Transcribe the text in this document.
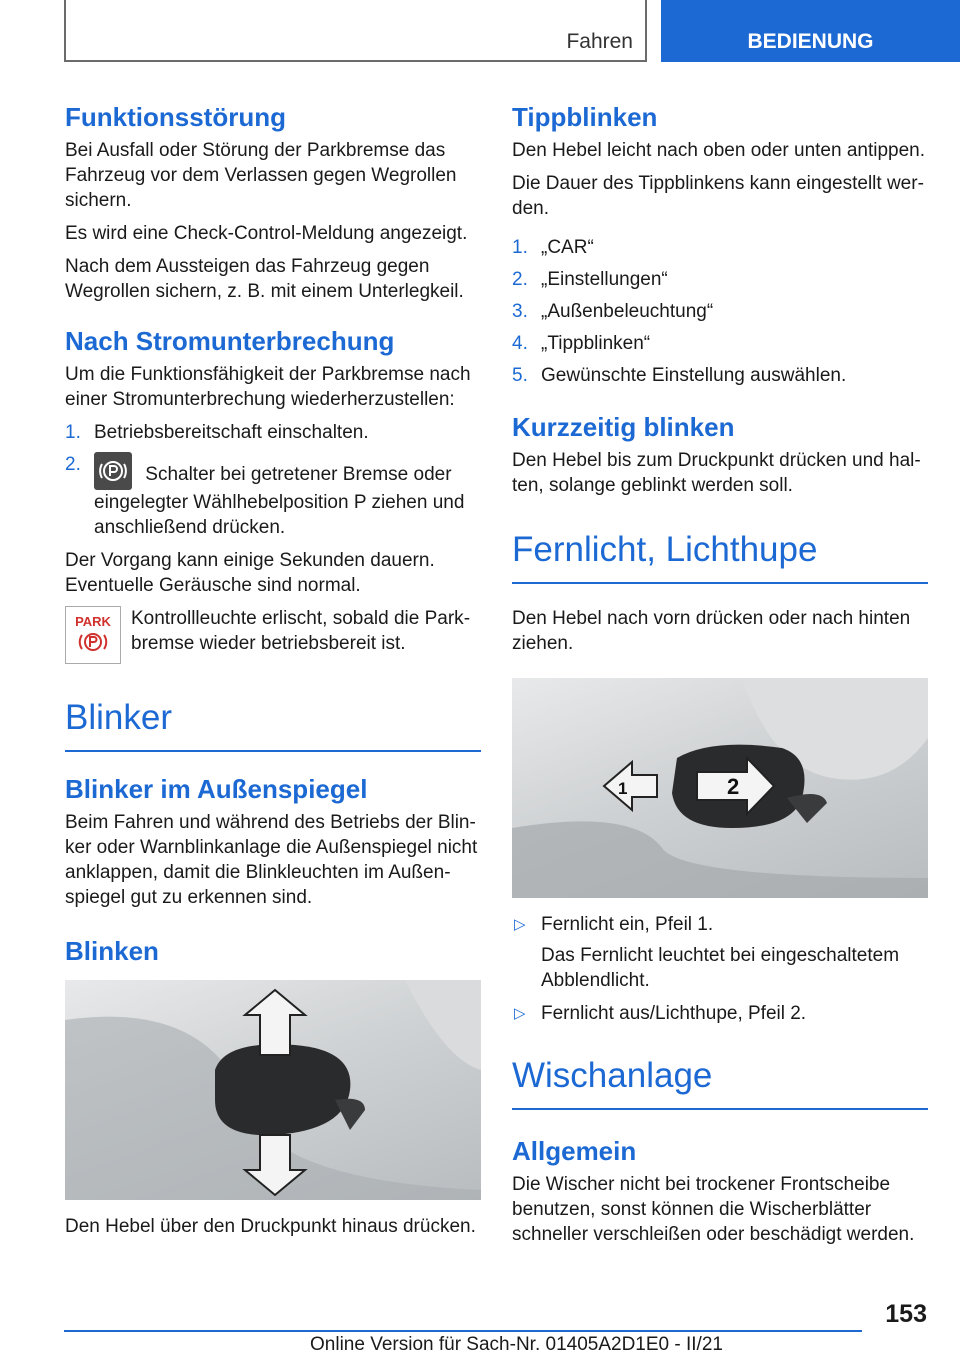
Fahren	BEDIENUNG
Funktionsstörung

Bei Ausfall oder Störung der Parkbremse das Fahrzeug vor dem Verlassen gegen Wegrollen sichern.

Es wird eine Check-Control-Meldung angezeigt.

Nach dem Aussteigen das Fahrzeug gegen Wegrollen sichern, z. B. mit einem Unterlegkeil.

Nach Stromunterbrechung

Um die Funktionsfähigkeit der Parkbremse nach einer Stromunterbrechung wiederherzustellen:

1. Betriebsbereitschaft einschalten.
2.	Schalter bei getretener Bremse oder eingelegter Wählhebelposition P ziehen und anschließend drücken.

Der Vorgang kann einige Sekunden dauern.

Eventuelle Geräusche sind normal.

PARK Kontrollleuchte erlischt, sobald die Parkbremse wieder betriebsbereit ist.
Blinker
Blinker im Außenspiegel

Beim Fahren und während des Betriebs der Blinker oder Warnblinkanlage die Außenspiegel nicht anklappen, damit die Blinkleuchten im Außenspiegel gut zu erkennen sind.

Blinken
Den Hebel über den Druckpunkt hinaus drücken.
Tippblinken

Den Hebel leicht nach oben oder unten antippen.

Die Dauer des Tippblinkens kann eingestellt werden.

1. „CAR“
2. „Einstellungen“
3. „Außenbeleuchtung“
4. „Tippblinken“
5. Gewünschte Einstellung auswählen.
Kurzzeitig blinken

Den Hebel bis zum Druckpunkt drücken und halten, solange geblinkt werden soll.

Fernlicht, Lichthupe

Den Hebel nach vorn drücken oder nach hinten ziehen.

1	2
▷ Fernlicht ein, Pfeil 1.
Das Fernlicht leuchtet bei eingeschaltetem Abblendlicht.
▷ Fernlicht aus/Lichthupe, Pfeil 2.
Wischanlage
Allgemein

Die Wischer nicht bei trockener Frontscheibe benutzen, sonst können die Wischerblätter schneller verschleißen oder beschädigt werden.

153
Online Version für Sach-Nr. 01405A2D1E0 - II/21
